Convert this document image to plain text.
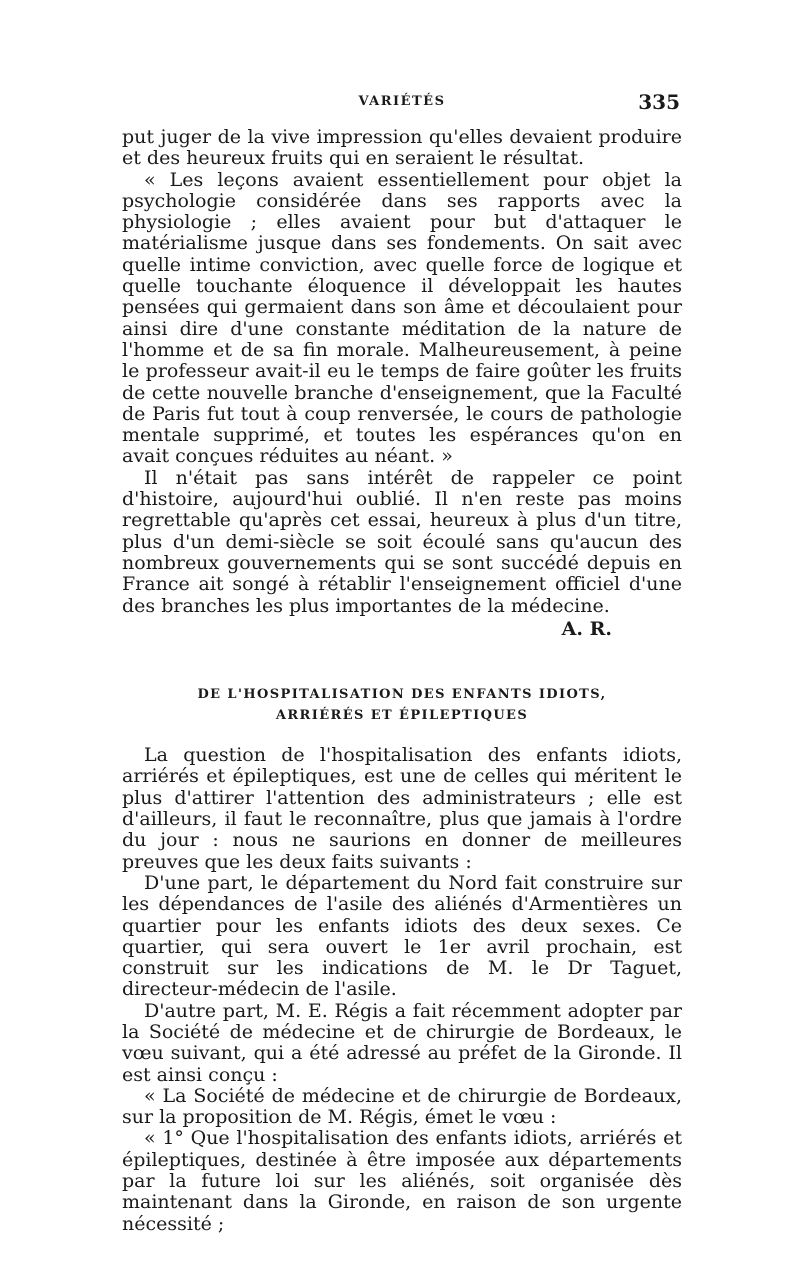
VARIÉTÉS	335

put juger de la vive impression qu'elles devaient produire et des heureux fruits qui en seraient le résultat.

« Les leçons avaient essentiellement pour objet la psychologie considérée dans ses rapports avec la physiologie ; elles avaient pour but d'attaquer le matérialisme jusque dans ses fondements. On sait avec quelle intime conviction, avec quelle force de logique et quelle touchante éloquence il développait les hautes pensées qui germaient dans son âme et découlaient pour ainsi dire d'une constante méditation de la nature de l'homme et de sa fin morale. Malheureusement, à peine le professeur avait-il eu le temps de faire goûter les fruits de cette nouvelle branche d'enseignement, que la Faculté de Paris fut tout à coup renversée, le cours de pathologie mentale supprimé, et toutes les espérances qu'on en avait conçues réduites au néant. »

Il n'était pas sans intérêt de rappeler ce point d'histoire, aujourd'hui oublié. Il n'en reste pas moins regrettable qu'après cet essai, heureux à plus d'un titre, plus d'un demi-siècle se soit écoulé sans qu'aucun des nombreux gouvernements qui se sont succédé depuis en France ait songé à rétablir l'enseignement officiel d'une des branches les plus importantes de la médecine.

A. R.

DE L'HOSPITALISATION DES ENFANTS IDIOTS,
ARRIÉRÉS ET ÉPILEPTIQUES

La question de l'hospitalisation des enfants idiots, arriérés et épileptiques, est une de celles qui méritent le plus d'attirer l'attention des administrateurs ; elle est d'ailleurs, il faut le reconnaître, plus que jamais à l'ordre du jour : nous ne saurions en donner de meilleures preuves que les deux faits suivants :

D'une part, le département du Nord fait construire sur les dépendances de l'asile des aliénés d'Armentières un quartier pour les enfants idiots des deux sexes. Ce quartier, qui sera ouvert le 1er avril prochain, est construit sur les indications de M. le Dr Taguet, directeur-médecin de l'asile.

D'autre part, M. E. Régis a fait récemment adopter par la Société de médecine et de chirurgie de Bordeaux, le vœu suivant, qui a été adressé au préfet de la Gironde. Il est ainsi conçu :

« La Société de médecine et de chirurgie de Bordeaux, sur la proposition de M. Régis, émet le vœu :

« 1° Que l'hospitalisation des enfants idiots, arriérés et épileptiques, destinée à être imposée aux départements par la future loi sur les aliénés, soit organisée dès maintenant dans la Gironde, en raison de son urgente nécessité ;
